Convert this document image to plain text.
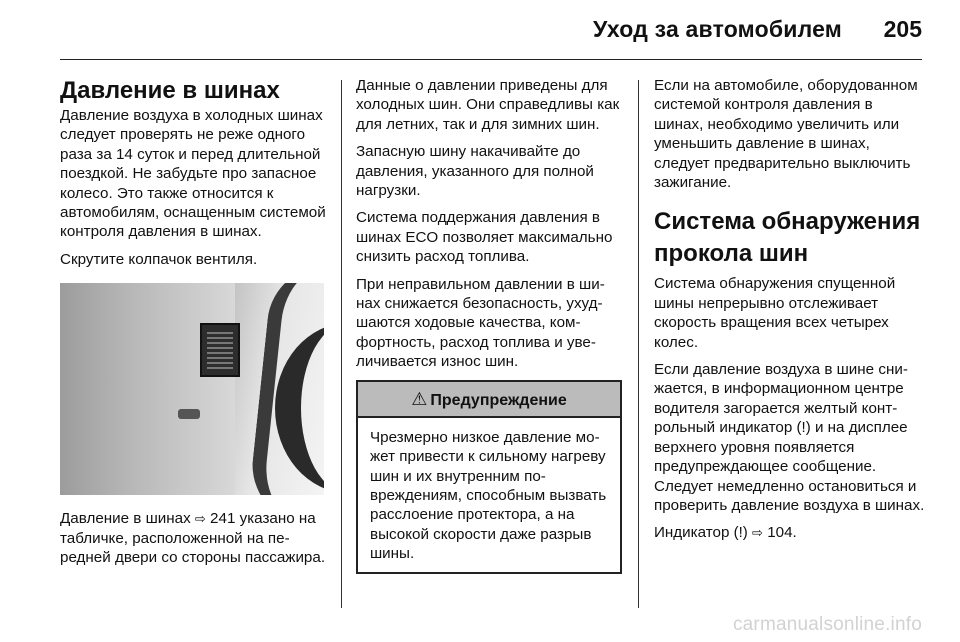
Уход за автомобилем 205
Давление в шинах

Давление воздуха в холодных шинах следует проверять не реже одного раза за 14 суток и перед длительной поездкой. Не забудьте про запасное колесо. Это также относится к автомобилям, оснащенным системой контроля давления в шинах.

Скрутите колпачок вентиля.

Давление в шинах ⇨ 241 указано на табличке, расположенной на передней двери со стороны пассажира.

Данные о давлении приведены для холодных шин. Они справедливы как для летних, так и для зимних шин.

Запасную шину накачивайте до давления, указанного для полной нагрузки.

Система поддержания давления в шинах ECO позволяет максимально снизить расход топлива.

При неправильном давлении в шинах снижается безопасность, ухудшаются ходовые качества, комфортность, расход топлива и увеличивается износ шин.

⚠ Предупреждение
Чрезмерно низкое давление может привести к сильному нагреву шин и их внутренним повреждениям, способным вызвать расслоение протектора, а на высокой скорости даже разрыв шины.

Если на автомобиле, оборудованном системой контроля давления в шинах, необходимо увеличить или уменьшить давление в шинах, следует предварительно выключить зажигание.

Система обнаружения прокола шин

Система обнаружения спущенной шины непрерывно отслеживает скорость вращения всех четырех колес.

Если давление воздуха в шине снижается, в информационном центре водителя загорается желтый контрольный индикатор (!) и на дисплее верхнего уровня появляется предупреждающее сообщение. Следует немедленно остановиться и проверить давление воздуха в шинах.

Индикатор (!) ⇨ 104.

carmanualsonline.info
